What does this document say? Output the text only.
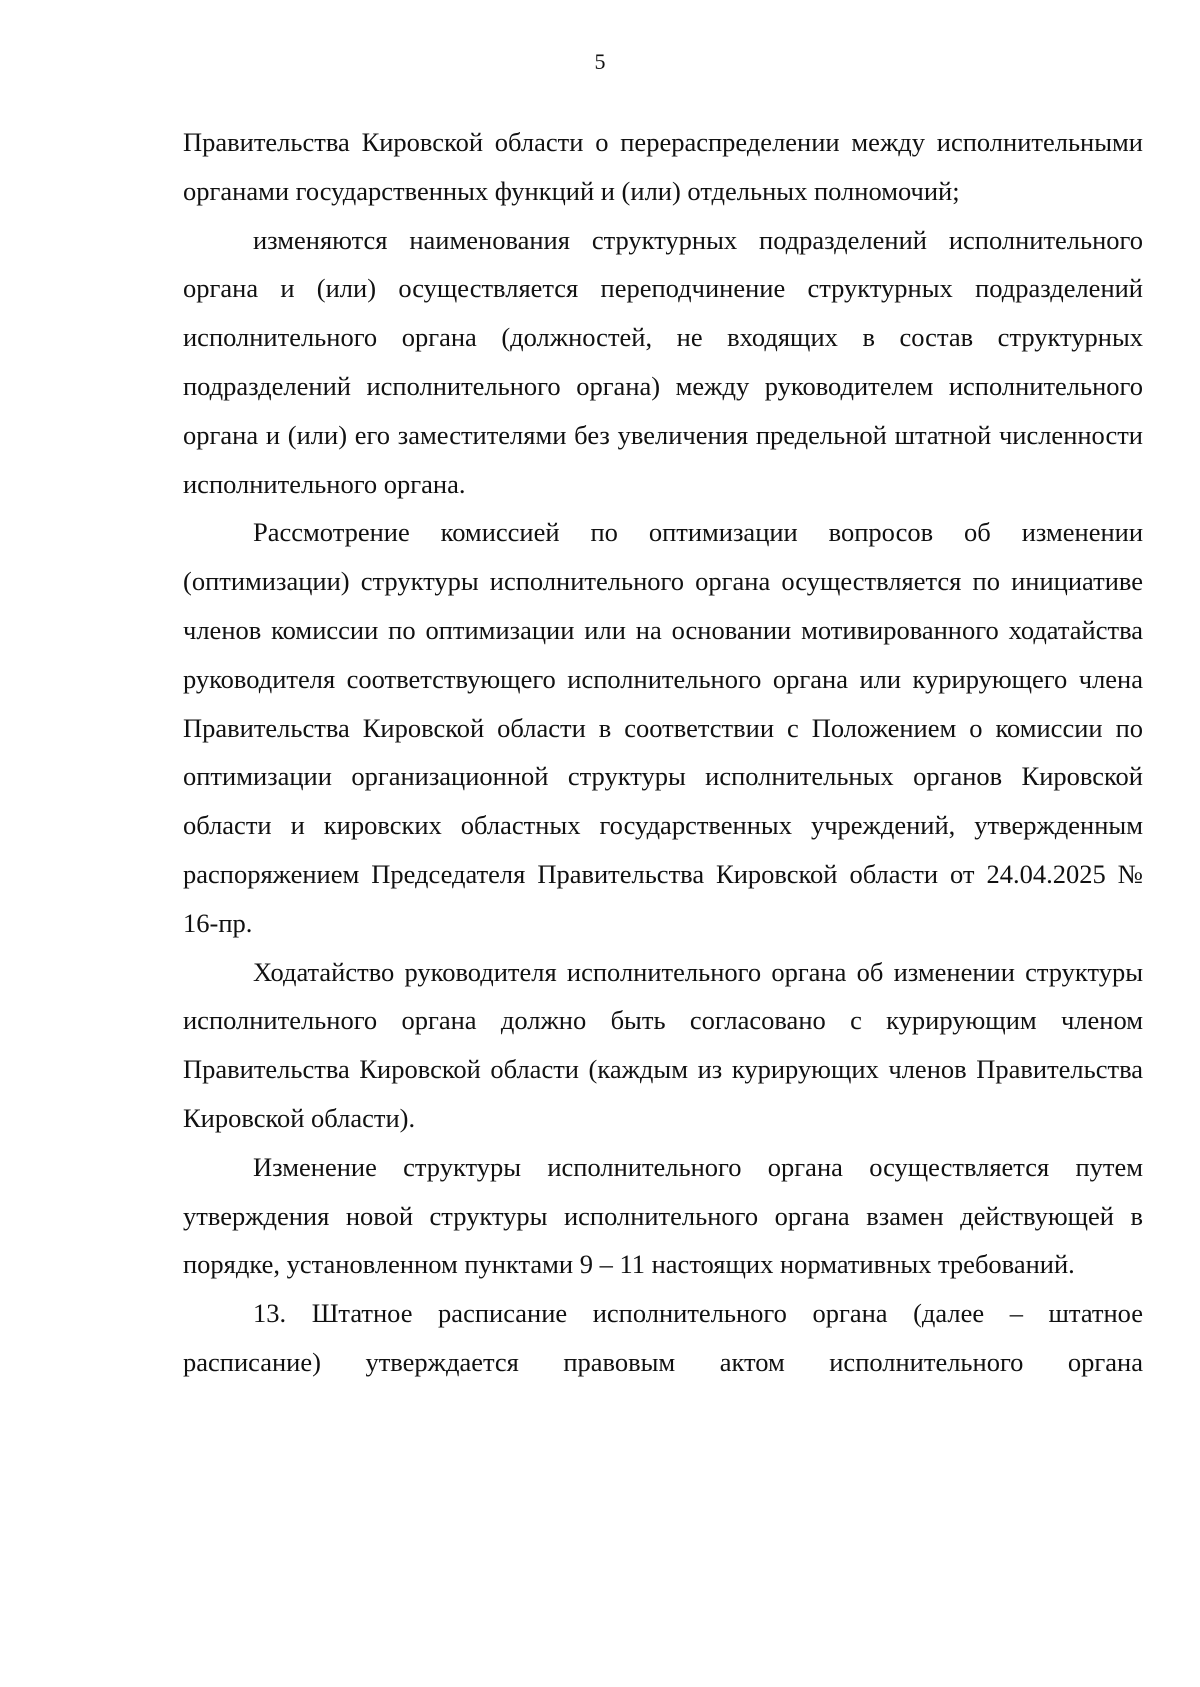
5

Правительства Кировской области о перераспределении между исполнительными органами государственных функций и (или) отдельных полномочий;

изменяются наименования структурных подразделений исполнительного органа и (или) осуществляется переподчинение структурных подразделений исполнительного органа (должностей, не входящих в состав структурных подразделений исполнительного органа) между руководителем исполнительного органа и (или) его заместителями без увеличения предельной штатной численности исполнительного органа.

Рассмотрение комиссией по оптимизации вопросов об изменении (оптимизации) структуры исполнительного органа осуществляется по инициативе членов комиссии по оптимизации или на основании мотивированного ходатайства руководителя соответствующего исполнительного органа или курирующего члена Правительства Кировской области в соответствии с Положением о комиссии по оптимизации организационной структуры исполнительных органов Кировской области и кировских областных государственных учреждений, утвержденным распоряжением Председателя Правительства Кировской области от 24.04.2025 № 16-пр.

Ходатайство руководителя исполнительного органа об изменении структуры исполнительного органа должно быть согласовано с курирующим членом Правительства Кировской области (каждым из курирующих членов Правительства Кировской области).

Изменение структуры исполнительного органа осуществляется путем утверждения новой структуры исполнительного органа взамен действующей в порядке, установленном пунктами 9 – 11 настоящих нормативных требований.

13. Штатное расписание исполнительного органа (далее – штатное расписание) утверждается правовым актом исполнительного органа
